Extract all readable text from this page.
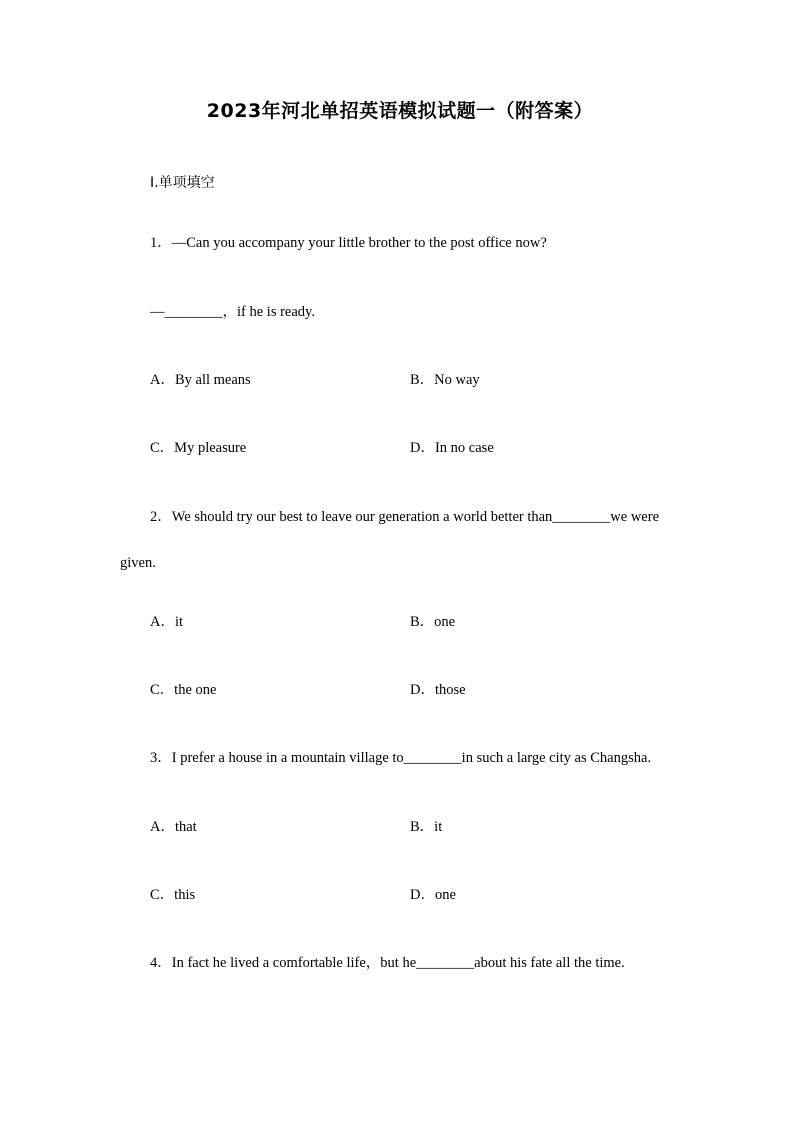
2023年河北单招英语模拟试题一（附答案）
Ⅰ.单项填空
1．—Can you accompany your little brother to the post office now?
—________，if he is ready.
A．By all means	B．No way
C．My pleasure	D．In no case
2．We should try our best to leave our generation a world better than________we were
given.
A．it	B．one
C．the one	D．those
3．I prefer a house in a mountain village to________in such a large city as Changsha.
A．that	B．it
C．this	D．one
4．In fact he lived a comfortable life，but he________about his fate all the time.
